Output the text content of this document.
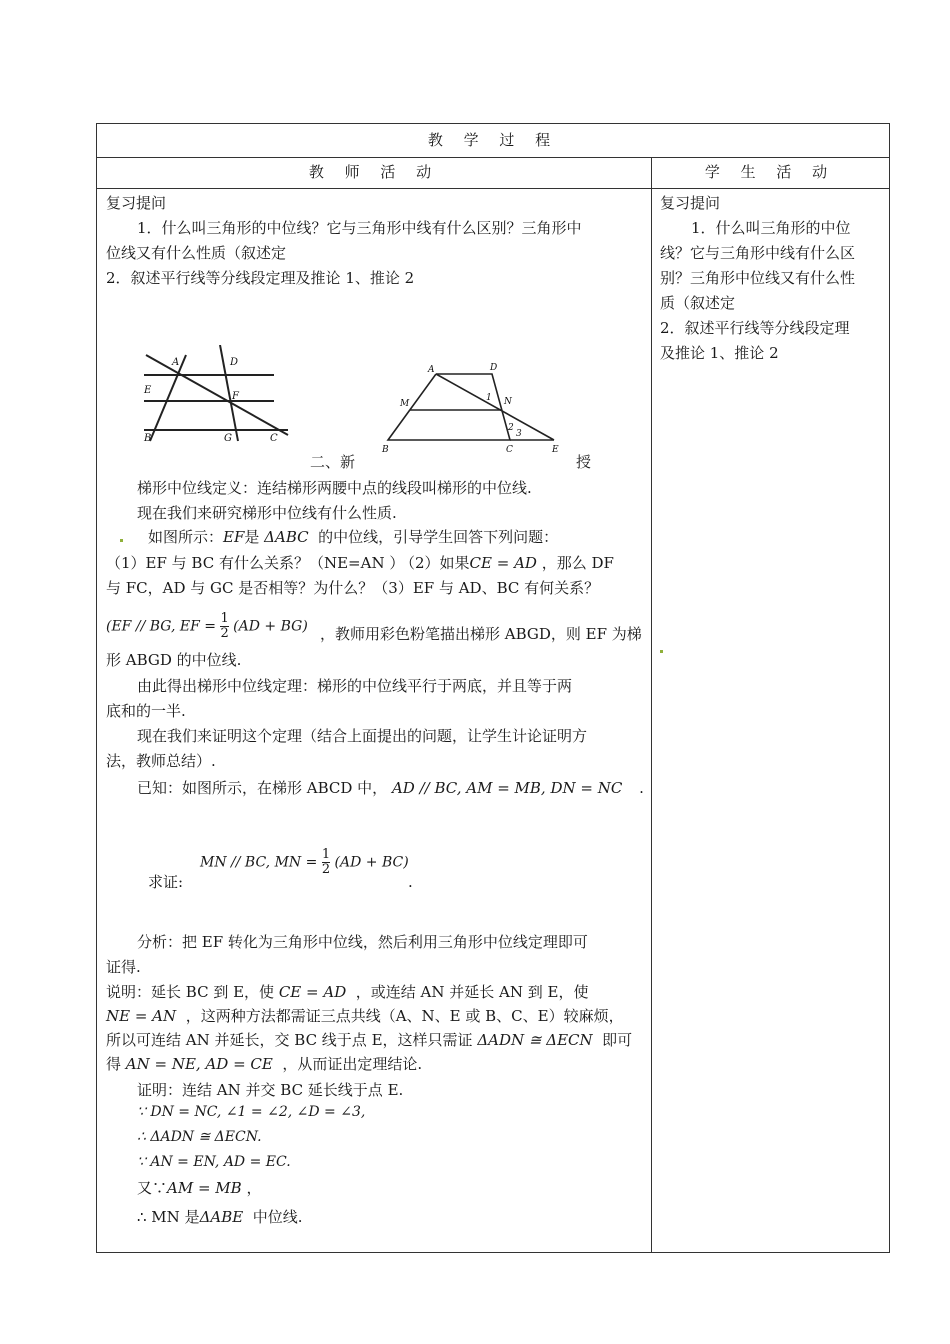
教 学 过 程
教 师 活 动	学 生 活 动
复习提问
1．什么叫三角形的中位线？它与三角形中线有什么区别？三角形中
位线又有什么性质（叙述定
2．叙述平行线等分线段定理及推论 1、推论 2
A	D
E
F
B	G	C
A	D
M	N
B	C	E
1
2
3
二、新	授
梯形中位线定义：连结梯形两腰中点的线段叫梯形的中位线.
现在我们来研究梯形中位线有什么性质.
如图所示：EF是 ΔABC 的中位线，引导学生回答下列问题：
（1）EF 与 BC 有什么关系？（NE=AN ）
（2）如果CE = AD ，那么 DF
与 FC，AD 与 GC 是否相等？为什么？（3）EF 与 AD、BC 有何关系？
(EF // BG, EF = $\frac{1}{2} (AD + BG)$ ，教师用彩色粉笔描出梯形 ABGD，则 EF 为梯
形 ABGD 的中位线.
由此得出梯形中位线定理：梯形的中位线平行于两底，并且等于两
底和的一半.
现在我们来证明这个定理（结合上面提出的问题，让学生计论证明方
法，教师总结）.
已知：如图所示，在梯形 ABCD 中， AD // BC, AM = MB, DN = NC .
求证:
MN // BC, MN = $\frac{1}{2} (AD + BC)$
.
分析：把 EF 转化为三角形中位线，然后利用三角形中位线定理即可
证得.
说明：延长 BC 到 E，使 CE = AD ，或连结 AN 并延长 AN 到 E，使
NE = AN ，这两种方法都需证三点共线（A、N、E 或 B、C、E）较麻烦，
所以可连结 AN 并延长，交 BC 线于点 E，这样只需证 ΔADN ≅ ΔECN 即可
得 AN = NE, AD = CE ，从而证出定理结论.
证明：连结 AN 并交 BC 延长线于点 E.
∵ DN = NC, ∠1 = ∠2, ∠D = ∠3,
∴ ΔADN ≅ ΔECN.
∵ AN = EN, AD = EC.
又∵AM = MB ，
∴ MN 是ΔABE 中位线.
复习提问
1．什么叫三角形的中位
线？它与三角形中线有什么区
别？三角形中位线又有什么性
质（叙述定
2．叙述平行线等分线段定理
及推论 1、推论 2
